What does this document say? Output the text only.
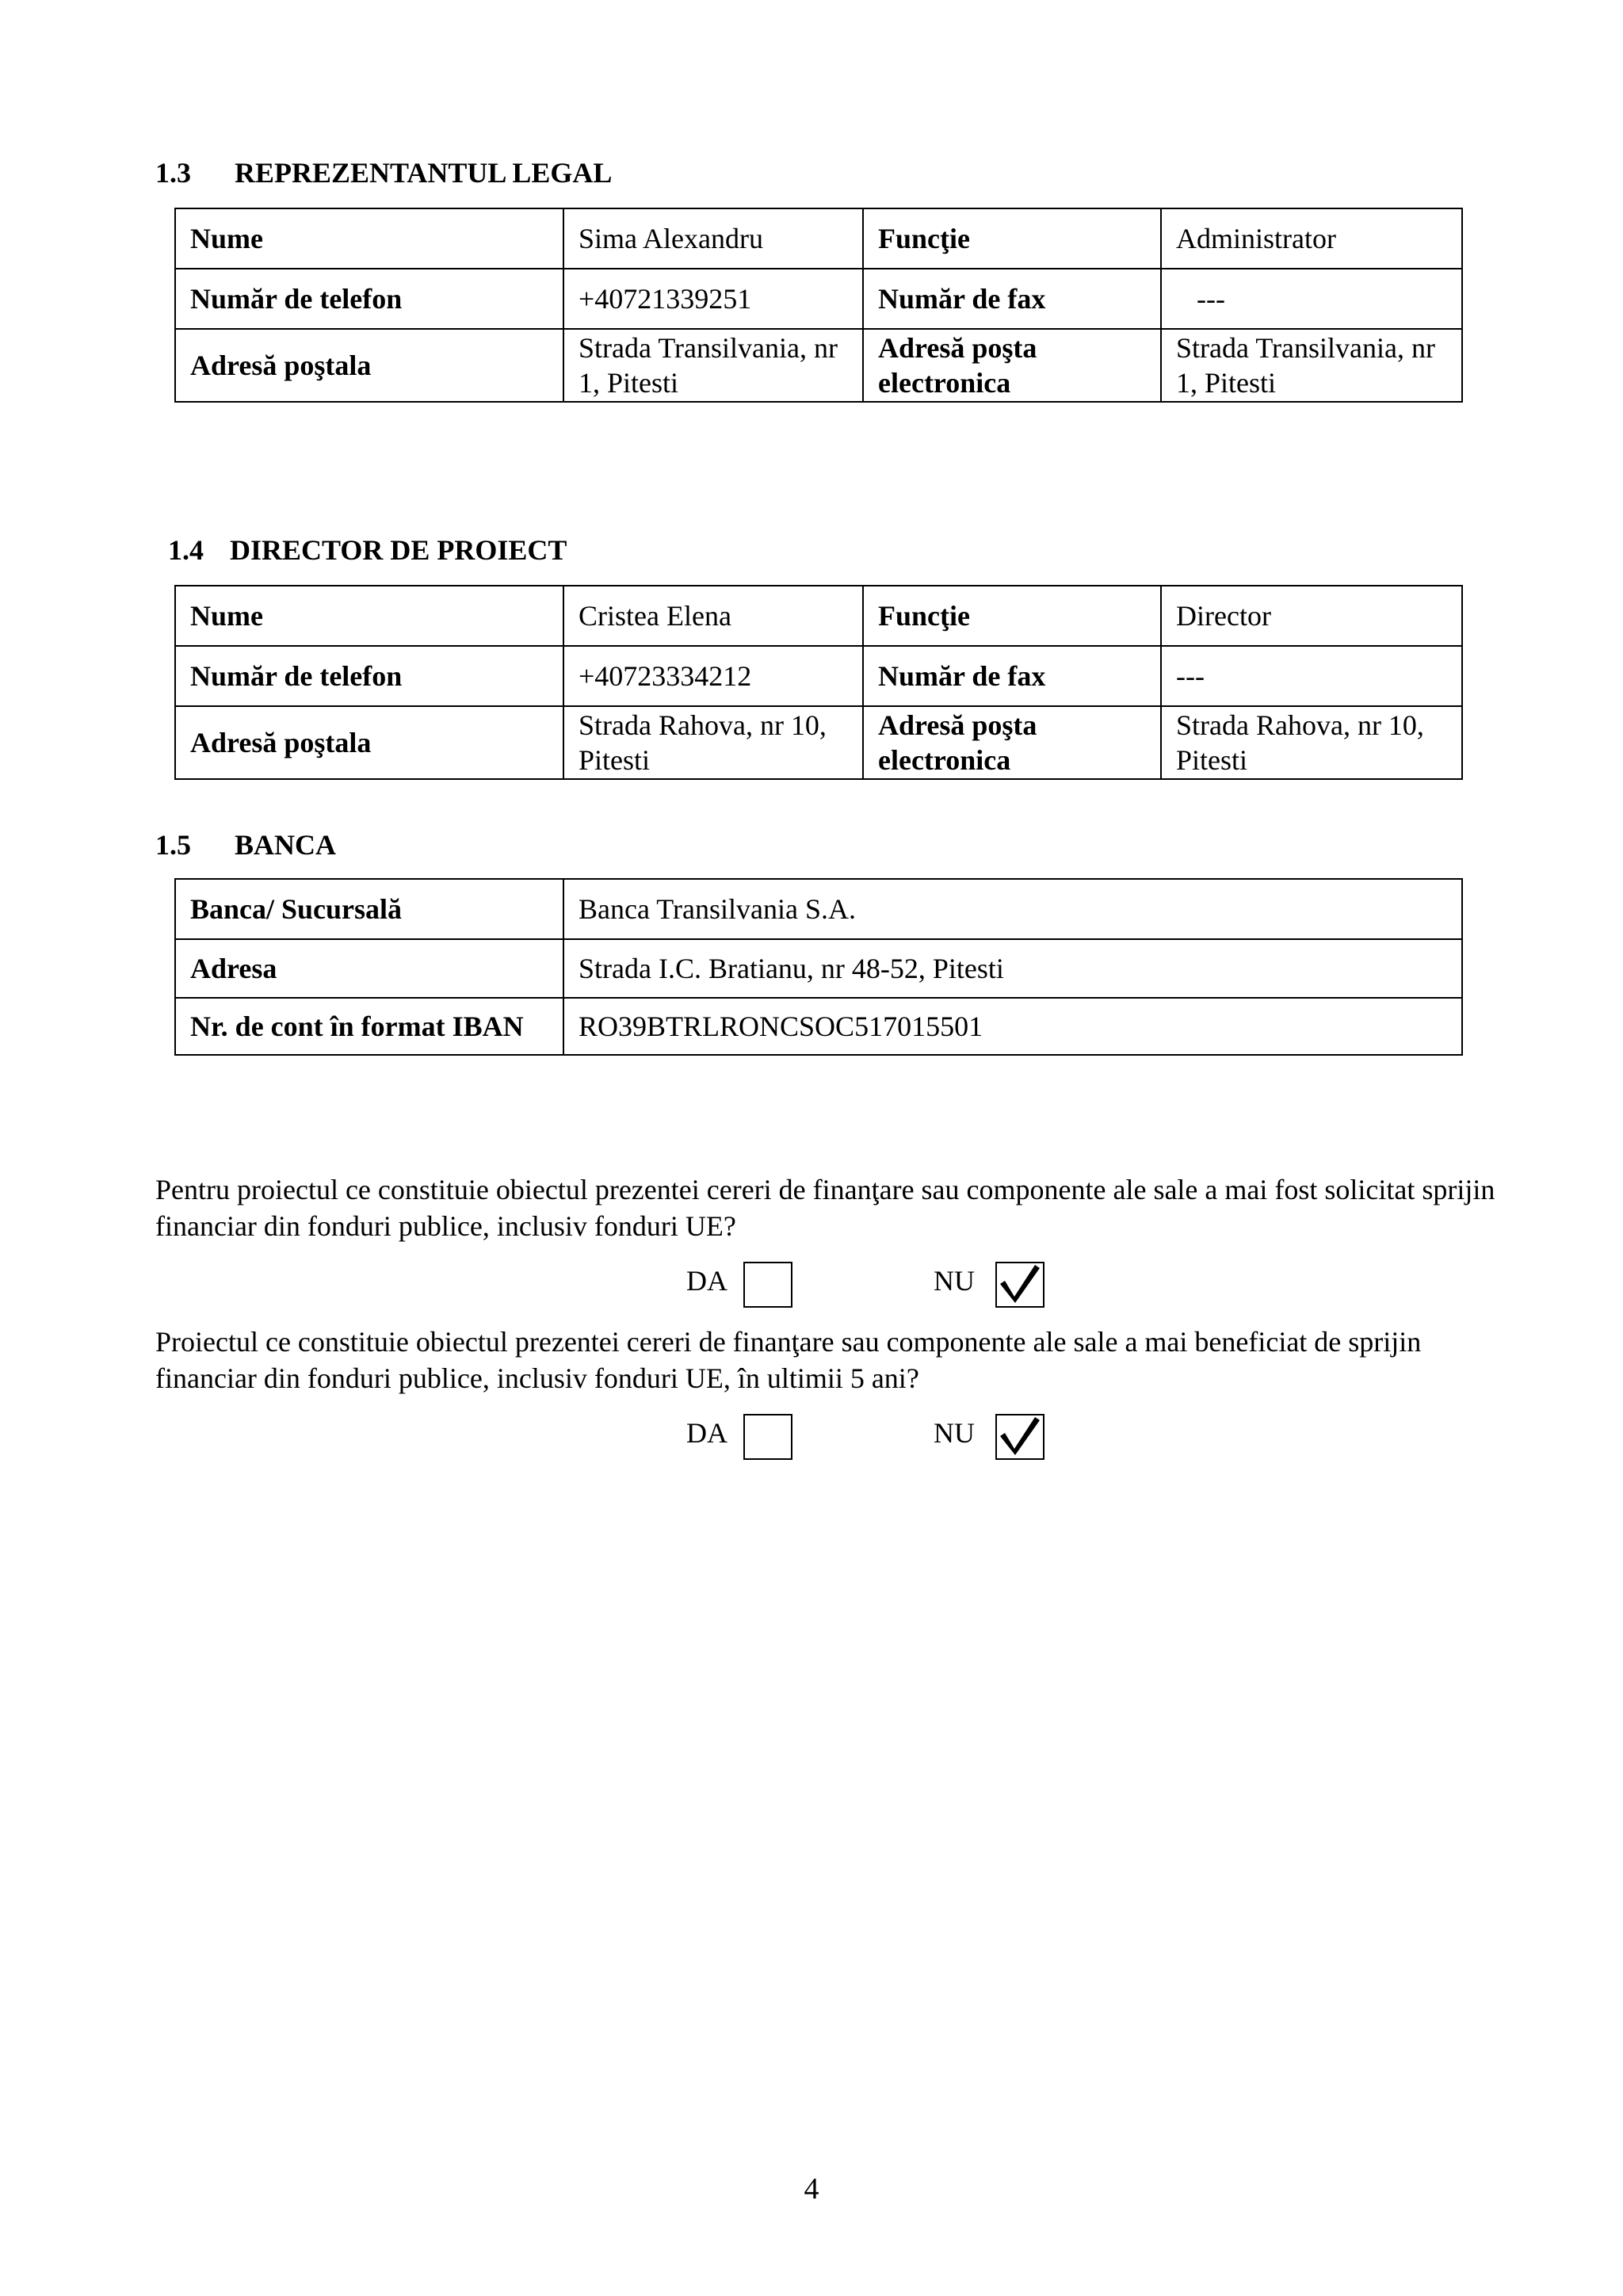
1.3 REPREZENTANTUL LEGAL
Nume	Sima Alexandru	Funcţie	Administrator
Număr de telefon	+40721339251	Număr de fax	---
Adresă poştala	Strada Transilvania, nr 1, Pitesti	Adresă poşta electronica	Strada Transilvania, nr 1, Pitesti
1.4 DIRECTOR DE PROIECT
Nume	Cristea Elena	Funcţie	Director
Număr de telefon	+40723334212	Număr de fax	---
Adresă poştala	Strada Rahova, nr 10, Pitesti	Adresă poşta electronica	Strada Rahova, nr 10, Pitesti
1.5 BANCA
Banca/ Sucursală	Banca Transilvania S.A.
Adresa	Strada I.C. Bratianu, nr 48-52, Pitesti
Nr. de cont în format IBAN	RO39BTRLRONCSOC517015501
Pentru proiectul ce constituie obiectul prezentei cereri de finanţare sau componente ale sale a mai fost solicitat sprijin financiar din fonduri publice, inclusiv fonduri UE?
DA	NU
Proiectul ce constituie obiectul prezentei cereri de finanţare sau componente ale sale a mai beneficiat de sprijin financiar din fonduri publice, inclusiv fonduri UE, în ultimii 5 ani?
DA	NU
4
